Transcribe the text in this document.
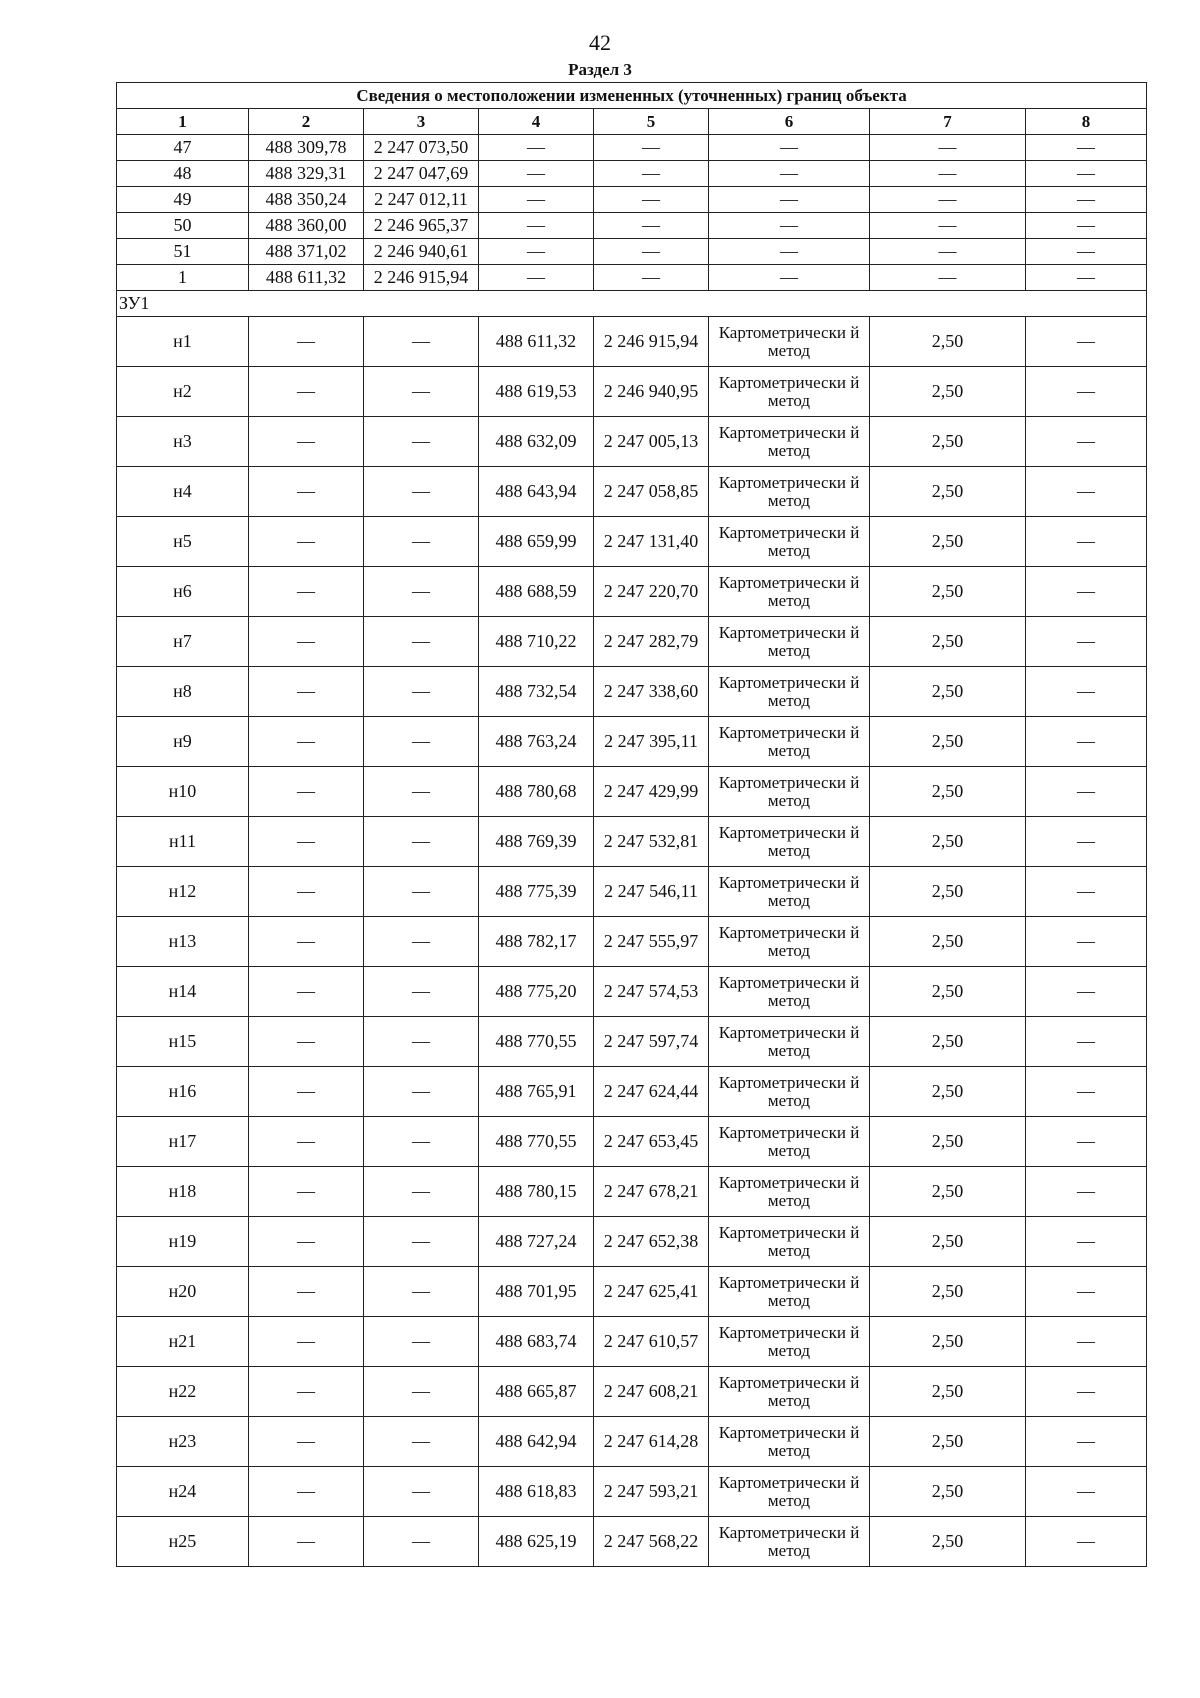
42
Раздел 3
Сведения о местоположении измененных (уточненных) границ объекта							
1	2	3	4	5	6	7	8
47	488 309,78	2 247 073,50	—	—	—	—	—
48	488 329,31	2 247 047,69	—	—	—	—	—
49	488 350,24	2 247 012,11	—	—	—	—	—
50	488 360,00	2 246 965,37	—	—	—	—	—
51	488 371,02	2 246 940,61	—	—	—	—	—
1	488 611,32	2 246 915,94	—	—	—	—	—
ЗУ1							
н1	—	—	488 611,32	2 246 915,94	Картометрически й метод	2,50	—
н2	—	—	488 619,53	2 246 940,95	Картометрически й метод	2,50	—
н3	—	—	488 632,09	2 247 005,13	Картометрически й метод	2,50	—
н4	—	—	488 643,94	2 247 058,85	Картометрически й метод	2,50	—
н5	—	—	488 659,99	2 247 131,40	Картометрически й метод	2,50	—
н6	—	—	488 688,59	2 247 220,70	Картометрически й метод	2,50	—
н7	—	—	488 710,22	2 247 282,79	Картометрически й метод	2,50	—
н8	—	—	488 732,54	2 247 338,60	Картометрически й метод	2,50	—
н9	—	—	488 763,24	2 247 395,11	Картометрически й метод	2,50	—
н10	—	—	488 780,68	2 247 429,99	Картометрически й метод	2,50	—
н11	—	—	488 769,39	2 247 532,81	Картометрически й метод	2,50	—
н12	—	—	488 775,39	2 247 546,11	Картометрически й метод	2,50	—
н13	—	—	488 782,17	2 247 555,97	Картометрически й метод	2,50	—
н14	—	—	488 775,20	2 247 574,53	Картометрически й метод	2,50	—
н15	—	—	488 770,55	2 247 597,74	Картометрически й метод	2,50	—
н16	—	—	488 765,91	2 247 624,44	Картометрически й метод	2,50	—
н17	—	—	488 770,55	2 247 653,45	Картометрически й метод	2,50	—
н18	—	—	488 780,15	2 247 678,21	Картометрически й метод	2,50	—
н19	—	—	488 727,24	2 247 652,38	Картометрически й метод	2,50	—
н20	—	—	488 701,95	2 247 625,41	Картометрически й метод	2,50	—
н21	—	—	488 683,74	2 247 610,57	Картометрически й метод	2,50	—
н22	—	—	488 665,87	2 247 608,21	Картометрически й метод	2,50	—
н23	—	—	488 642,94	2 247 614,28	Картометрически й метод	2,50	—
н24	—	—	488 618,83	2 247 593,21	Картометрически й метод	2,50	—
н25	—	—	488 625,19	2 247 568,22	Картометрически й метод	2,50	—
